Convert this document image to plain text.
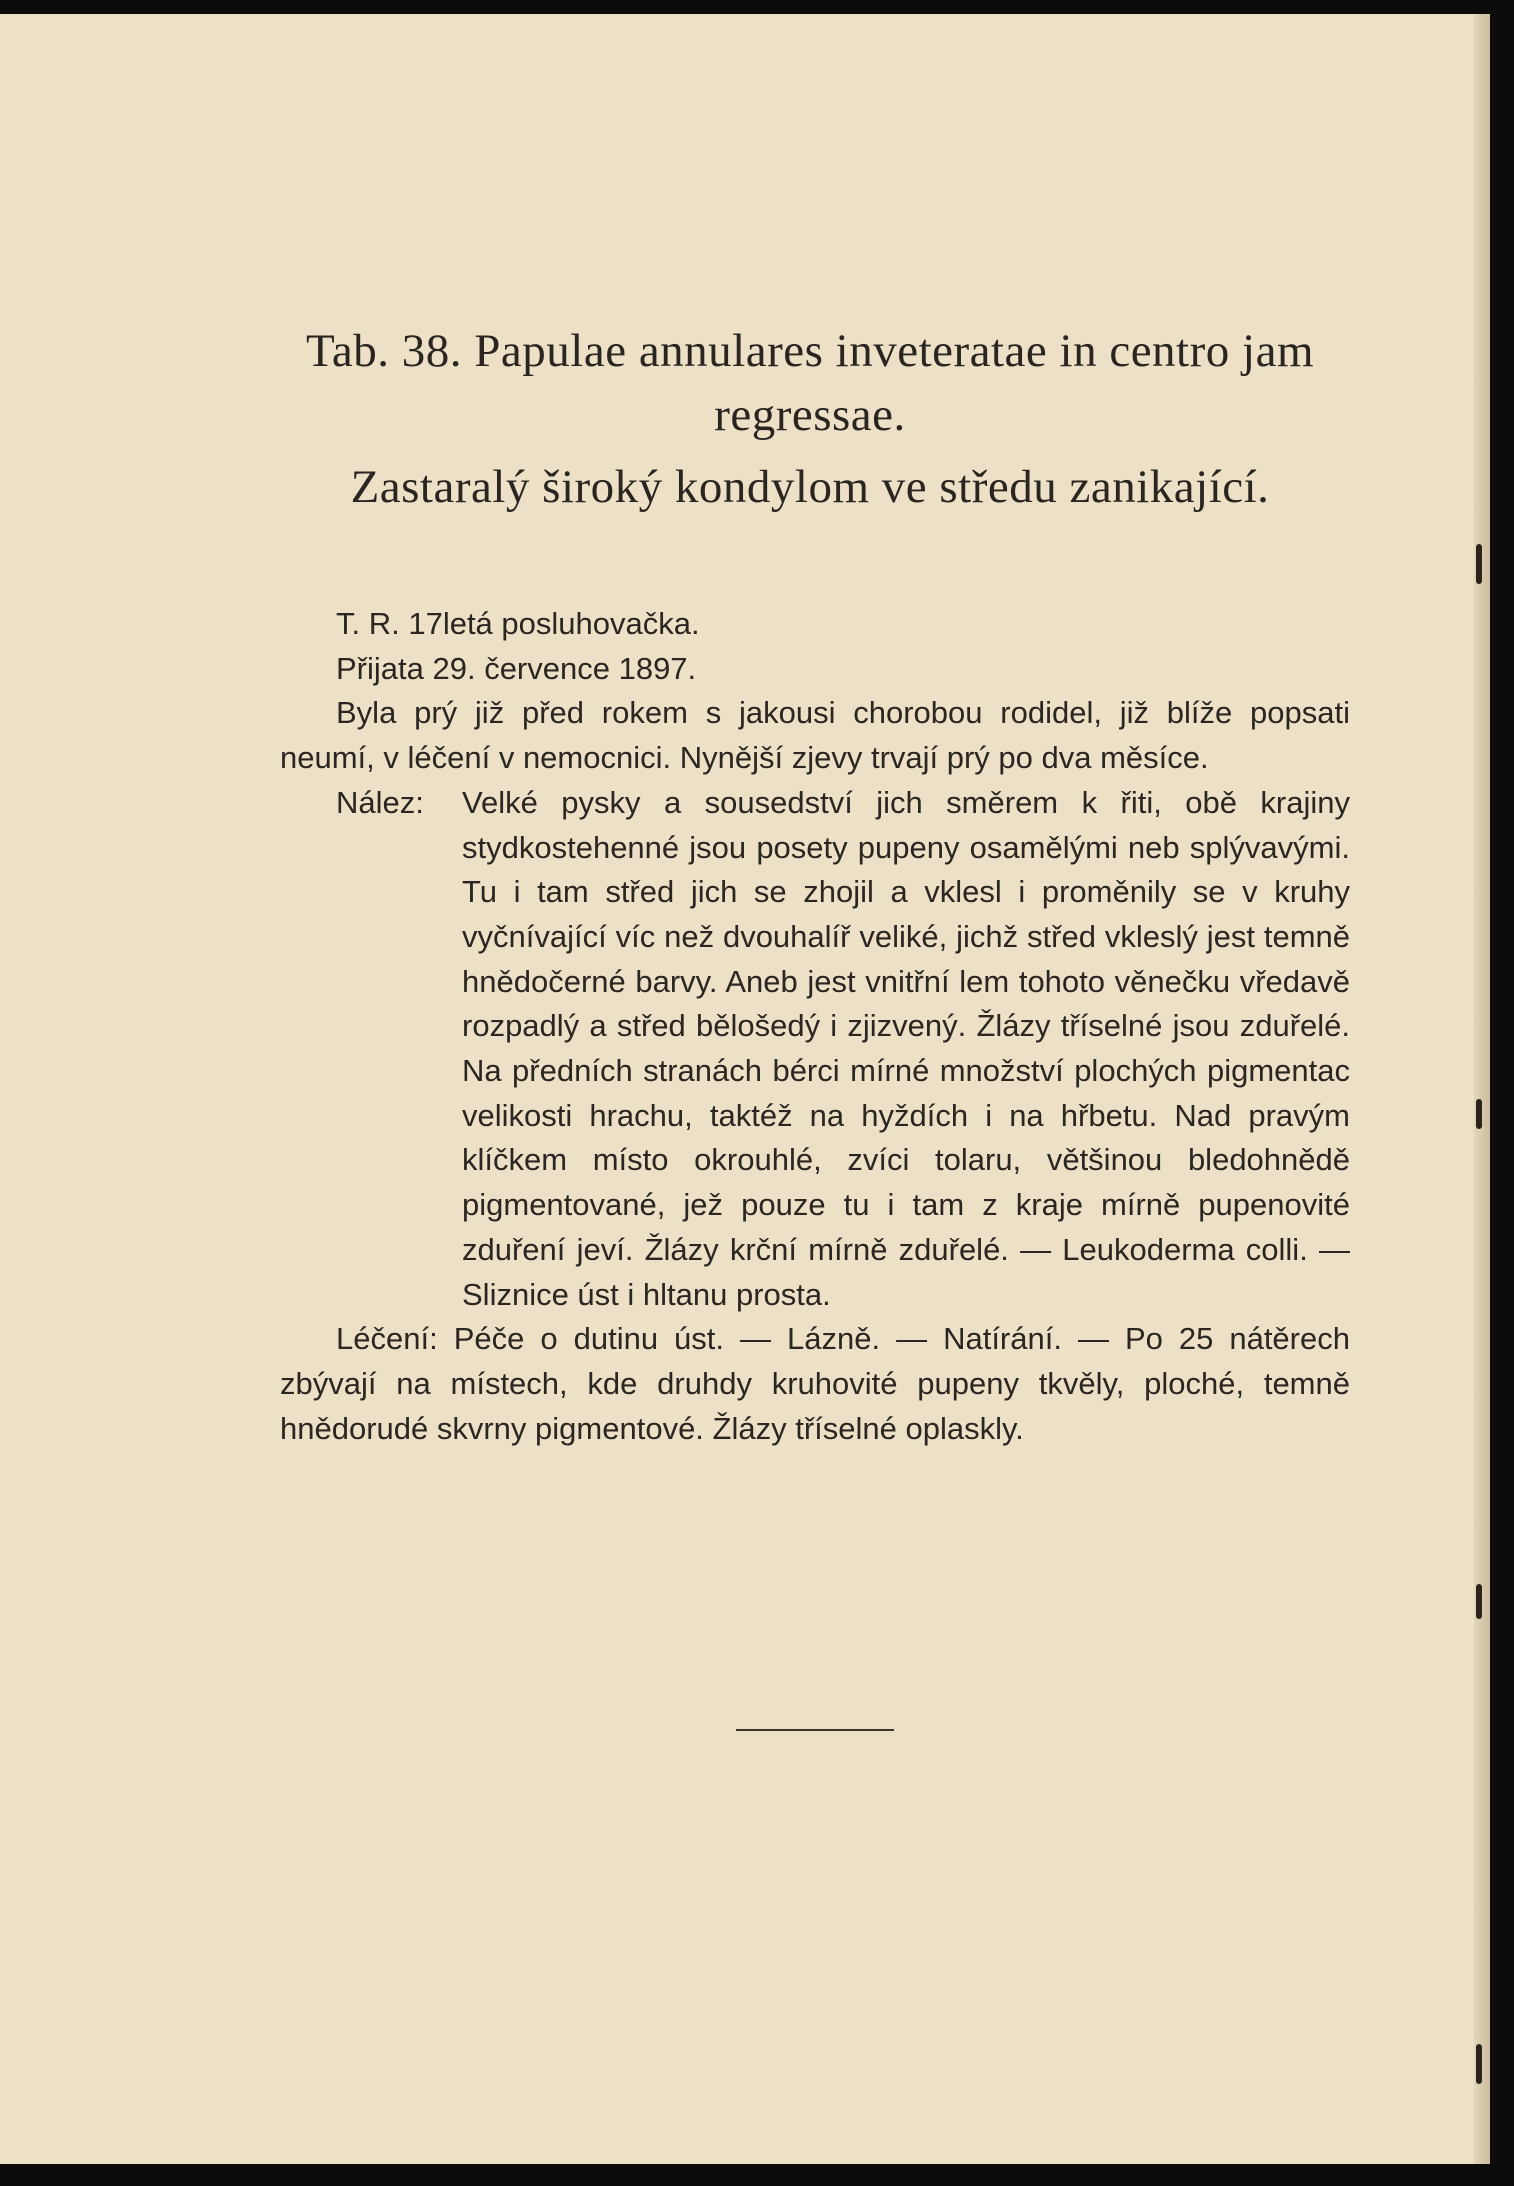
Tab. 38. Papulae annulares inveteratae in centro jam regressae.
Zastaralý široký kondylom ve středu zanikající.
T. R. 17letá posluhovačka.
Přijata 29. července 1897.
Byla prý již před rokem s jakousi chorobou rodidel, již blíže popsati neumí, v léčení v nemocnici. Nynější zjevy trvají prý po dva měsíce.
Nález:	Velké pysky a sousedství jich směrem k řiti, obě krajiny stydkostehenné jsou posety pupeny osamělými neb splývavými. Tu i tam střed jich se zhojil a vklesl i proměnily se v kruhy vyčnívající víc než dvouhalíř veliké, jichž střed vkleslý jest temně hnědočerné barvy. Aneb jest vnitřní lem tohoto věnečku vředavě rozpadlý a střed bělošedý i zjizvený. Žlázy tříselné jsou zduřelé. Na předních stranách bérci mírné množství plochých pigmentac velikosti hrachu, taktéž na hyždích i na hřbetu. Nad pravým klíčkem místo okrouhlé, zvíci tolaru, většinou bledohnědě pigmentované, jež pouze tu i tam z kraje mírně pupenovité zduření jeví. Žlázy krční mírně zduřelé. — Leukoderma colli. — Sliznice úst i hltanu prosta.
Léčení: Péče o dutinu úst. — Lázně. — Natírání. — Po 25 nátěrech zbývají na místech, kde druhdy kruhovité pupeny tkvěly, ploché, temně hnědorudé skvrny pigmentové. Žlázy tříselné oplaskly.
